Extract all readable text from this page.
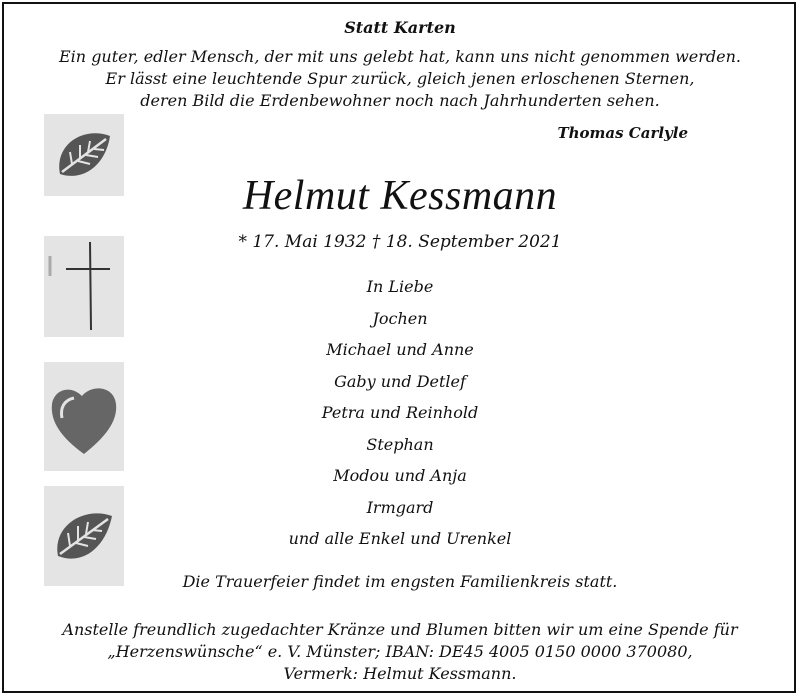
Statt Karten
Ein guter, edler Mensch, der mit uns gelebt hat, kann uns nicht genommen werden.
Er lässt eine leuchtende Spur zurück, gleich jenen erloschenen Sternen,
deren Bild die Erdenbewohner noch nach Jahrhunderten sehen.
Thomas Carlyle
Helmut Kessmann
* 17. Mai 1932 † 18. September 2021
In Liebe
Jochen
Michael und Anne
Gaby und Detlef
Petra und Reinhold
Stephan
Modou und Anja
Irmgard
und alle Enkel und Urenkel
Die Trauerfeier findet im engsten Familienkreis statt.
Anstelle freundlich zugedachter Kränze und Blumen bitten wir um eine Spende für
„Herzenswünsche“ e. V. Münster; IBAN: DE45 4005 0150 0000 370080,
Vermerk: Helmut Kessmann.
